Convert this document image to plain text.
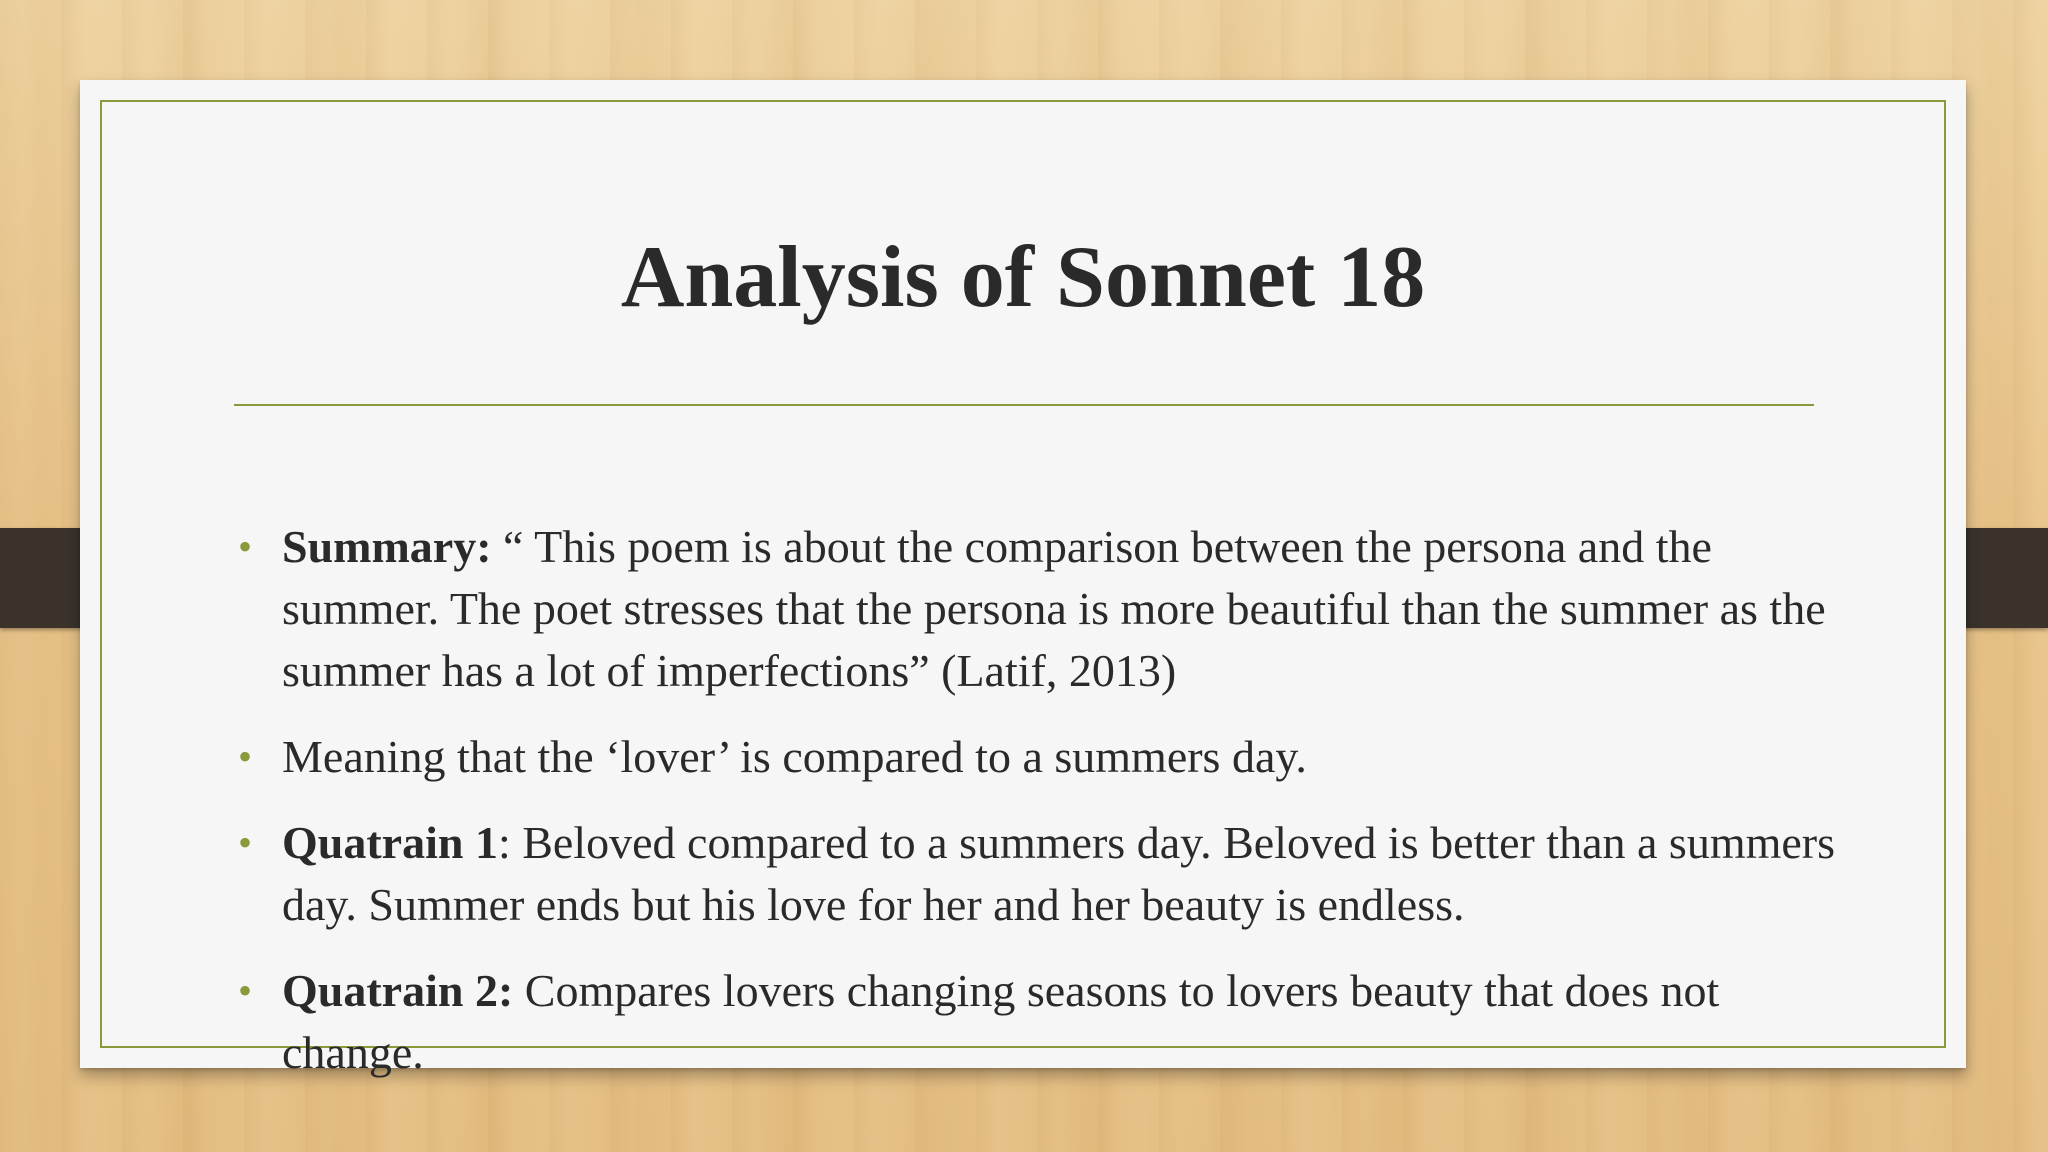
Analysis of Sonnet 18
• Summary: “ This poem is about the comparison between the persona and the summer. The poet stresses that the persona is more beautiful than the summer as the summer has a lot of imperfections” (Latif, 2013)
• Meaning that the ‘lover’ is compared to a summers day.
• Quatrain 1: Beloved compared to a summers day. Beloved is better than a summers day. Summer ends but his love for her and her beauty is endless.
• Quatrain 2: Compares lovers changing seasons to lovers beauty that does not change.
